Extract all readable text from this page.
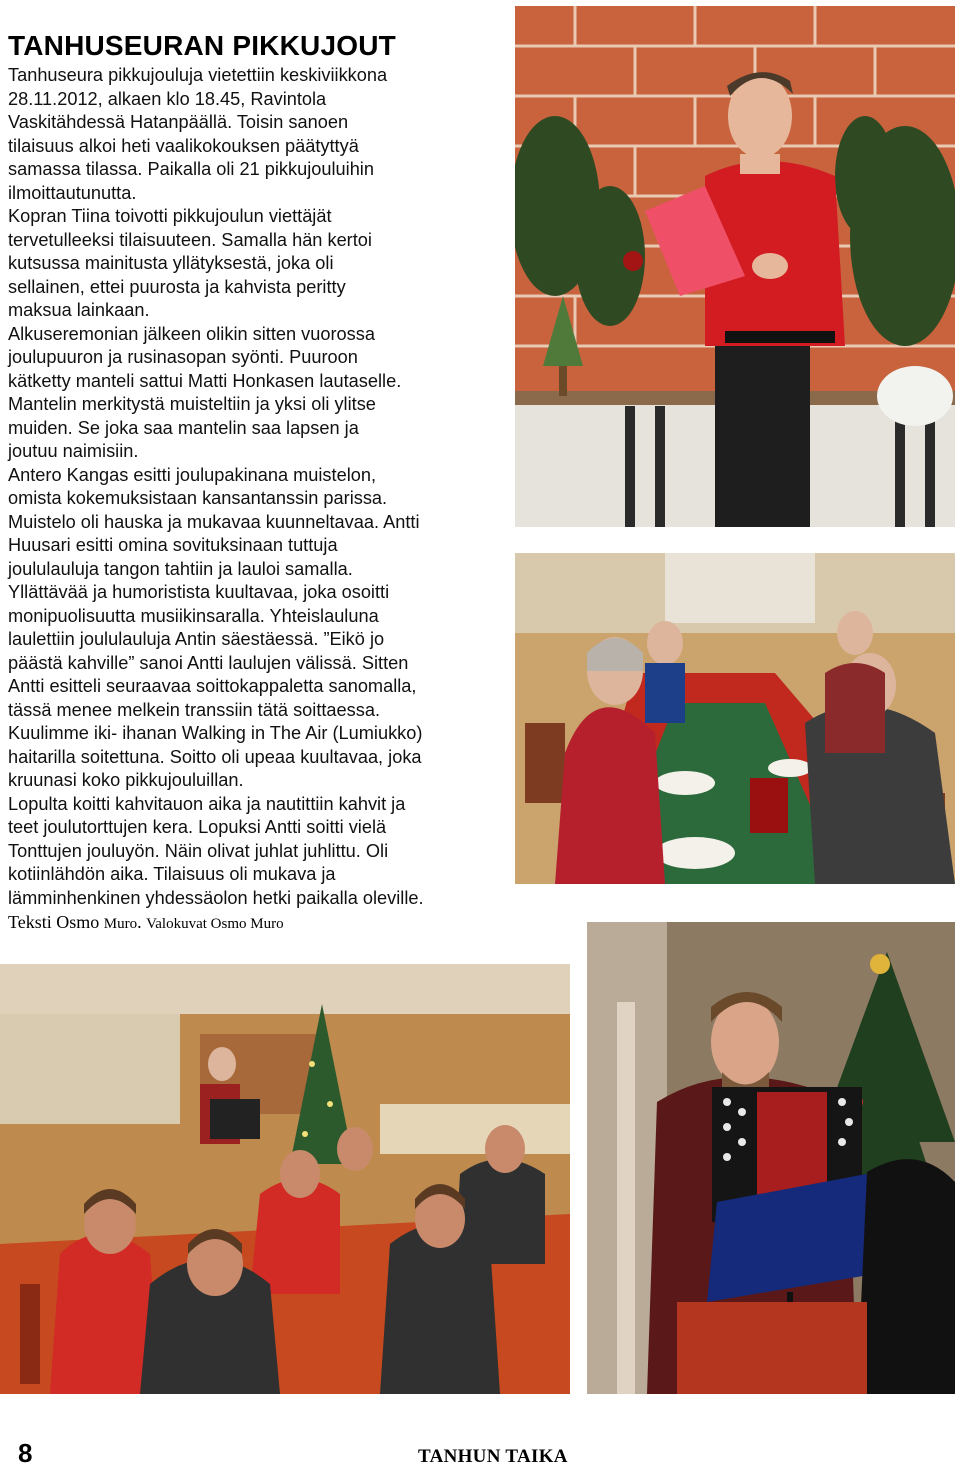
TANHUSEURAN PIKKUJOUT

Tanhuseura pikkujouluja vietettiin keskiviikkona
28.11.2012, alkaen klo 18.45, Ravintola
Vaskitähdessä Hatanpäällä. Toisin sanoen
tilaisuus alkoi heti vaalikokouksen päätyttyä
samassa tilassa. Paikalla oli 21 pikkujouluihin
ilmoittautunutta.

Kopran Tiina toivotti pikkujoulun viettäjät
tervetulleeksi tilaisuuteen. Samalla hän kertoi
kutsussa mainitusta yllätyksestä, joka oli
sellainen, ettei puurosta ja kahvista peritty
maksua lainkaan.

Alkuseremonian jälkeen olikin sitten vuorossa
joulupuuron ja rusinasopan syönti. Puuroon
kätketty manteli sattui Matti Honkasen lautaselle.
Mantelin merkitystä muisteltiin ja yksi oli ylitse
muiden. Se joka saa mantelin saa lapsen ja
joutuu naimisiin.

Antero Kangas esitti joulupakinana muistelon,
omista kokemuksistaan kansantanssin parissa.
Muistelo oli hauska ja mukavaa kuunneltavaa. Antti
Huusari esitti omina sovituksinaan tuttuja
joululauluja tangon tahtiin ja lauloi samalla.
Yllättävää ja humoristista kuultavaa, joka osoitti
monipuolisuutta musiikinsaralla. Yhteislauluna
laulettiin joululauluja Antin säestäessä. ”Eikö jo
päästä kahville” sanoi Antti laulujen välissä. Sitten
Antti esitteli seuraavaa soittokappaletta sanomalla,
tässä menee melkein transsiin tätä soittaessa.
Kuulimme iki- ihanan Walking in The Air (Lumiukko)
haitarilla soitettuna. Soitto oli upeaa kuultavaa, joka
kruunasi koko pikkujouluillan.

Lopulta koitti kahvitauon aika ja nautittiin kahvit ja
teet joulutorttujen kera. Lopuksi Antti soitti vielä
Tonttujen jouluyön. Näin olivat juhlat juhlittu. Oli
kotiinlähdön aika. Tilaisuus oli mukava ja
lämminhenkinen yhdessäolon hetki paikalla oleville.

Teksti Osmo Muro. Valokuvat Osmo Muro
8	TANHUN TAIKA
